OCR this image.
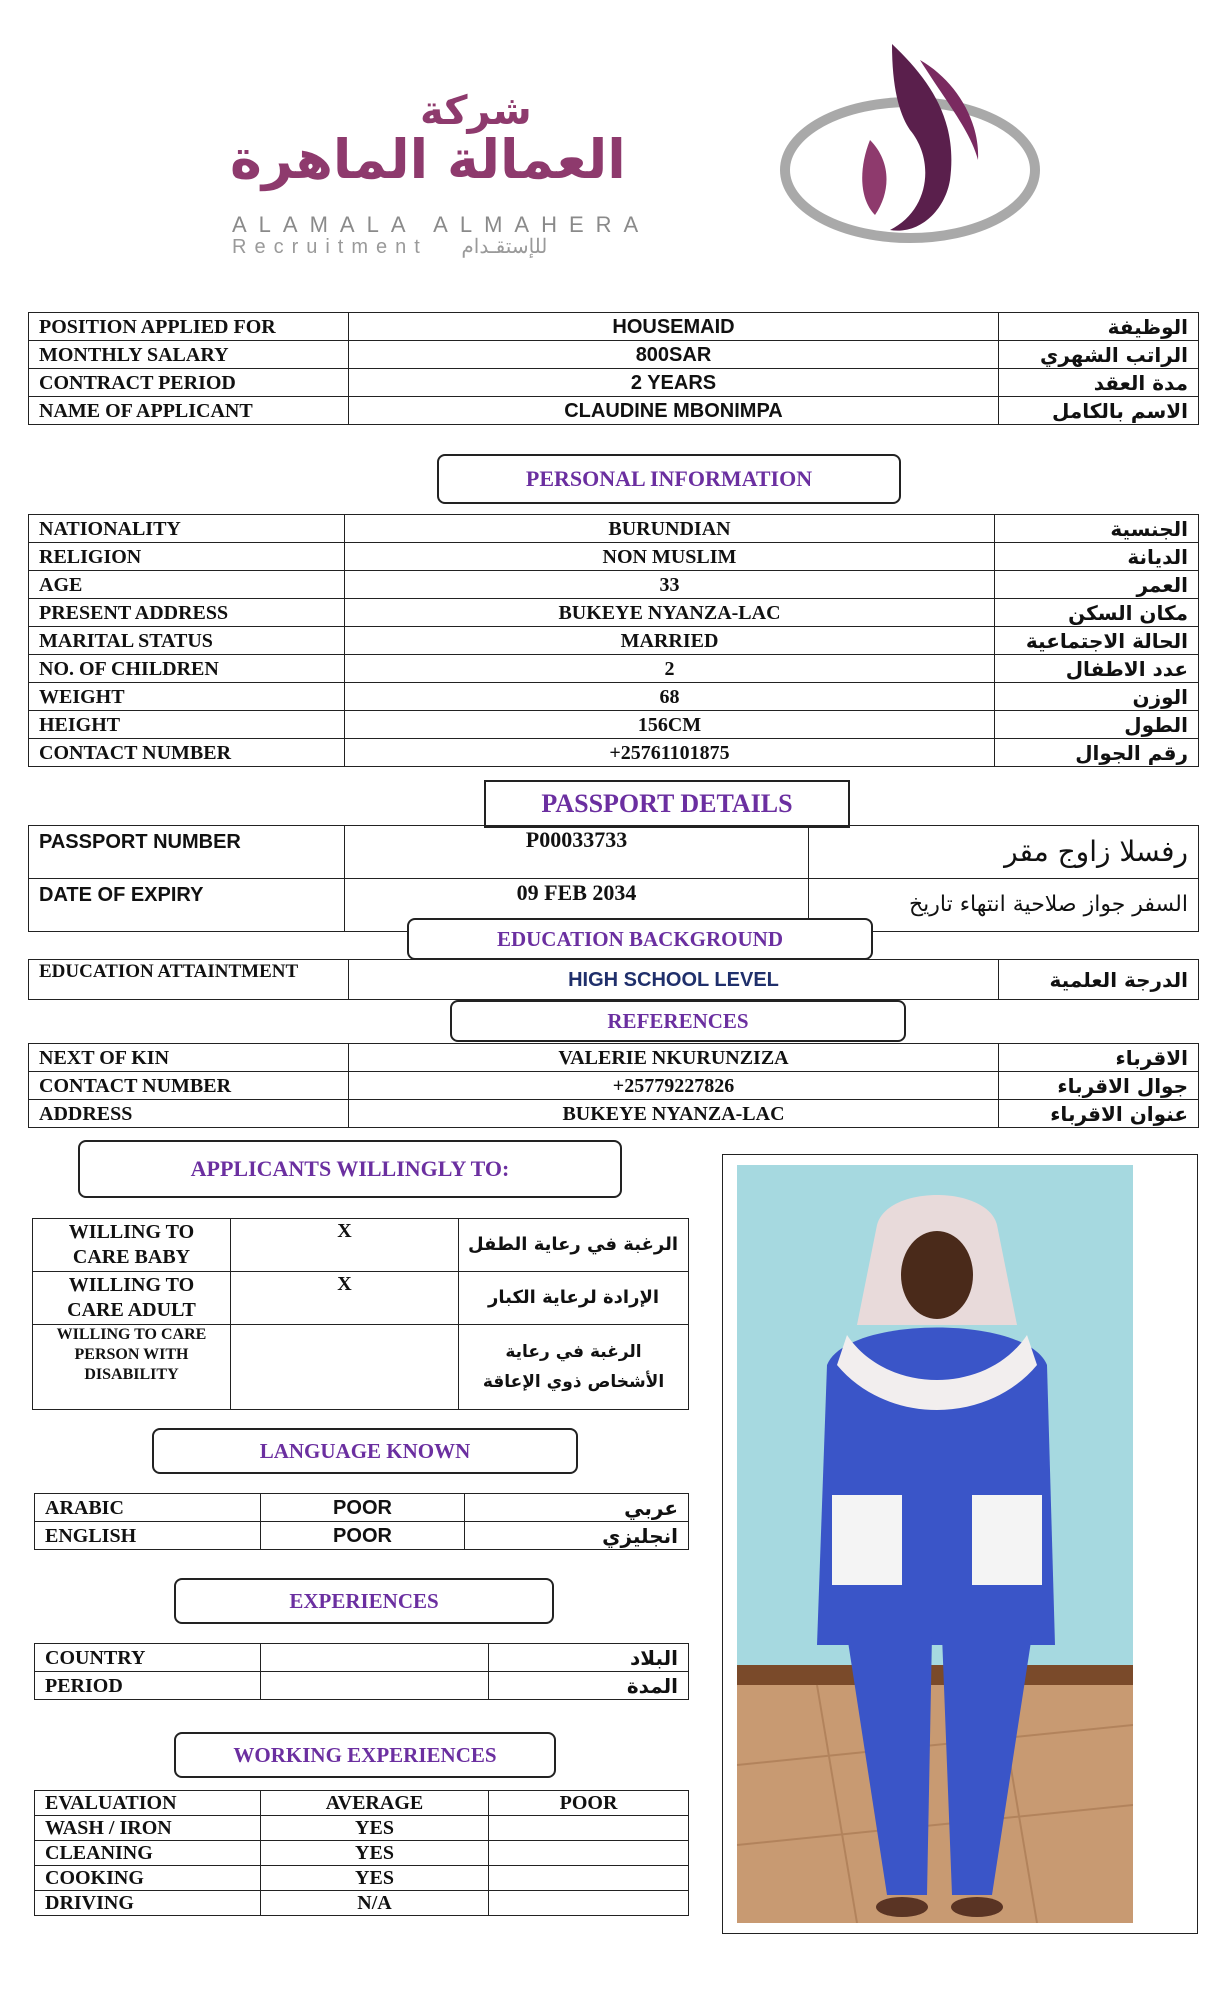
شركة
العمالة الماهرة
ALAMALA ALMAHERA
Recruitment للإستقـدام
POSITION APPLIED FOR	HOUSEMAID	الوظيفة
MONTHLY SALARY	800SAR	الراتب الشهري
CONTRACT PERIOD	2 YEARS	مدة العقد
NAME OF APPLICANT	CLAUDINE MBONIMPA	الاسم بالكامل
PERSONAL INFORMATION
NATIONALITY	BURUNDIAN	الجنسية
RELIGION	NON MUSLIM	الديانة
AGE	33	العمر
PRESENT ADDRESS	BUKEYE NYANZA-LAC	مكان السكن
MARITAL STATUS	MARRIED	الحالة الاجتماعية
NO. OF CHILDREN	2	عدد الاطفال
WEIGHT	68	الوزن
HEIGHT	156CM	الطول
CONTACT NUMBER	+25761101875	رقم الجوال
PASSPORT DETAILS
PASSPORT NUMBER	P00033733	رفسلا زاوج مقر
DATE OF EXPIRY	09 FEB 2034	السفر جواز صلاحية انتهاء تاريخ
EDUCATION BACKGROUND
EDUCATION ATTAINTMENT	HIGH SCHOOL LEVEL	الدرجة العلمية
REFERENCES
NEXT OF KIN	VALERIE NKURUNZIZA	الاقرباء
CONTACT NUMBER	+25779227826	جوال الاقرباء
ADDRESS	BUKEYE NYANZA-LAC	عنوان الاقرباء
APPLICANTS WILLINGLY TO:
WILLING TO
CARE BABY	X	الرغبة في رعاية الطفل

WILLING TO
CARE ADULT	X	الإرادة لرعاية الكبار

WILLING TO CARE
PERSON WITH
DISABILITY		الرغبة في رعاية الأشخاص ذوي الإعاقة
LANGUAGE KNOWN
ARABIC	POOR	عربي
ENGLISH	POOR	انجليزي
EXPERIENCES
COUNTRY		البلاد
PERIOD		المدة
WORKING EXPERIENCES
EVALUATION	AVERAGE	POOR
WASH / IRON	YES	
CLEANING	YES	
COOKING	YES	
DRIVING	N/A	
